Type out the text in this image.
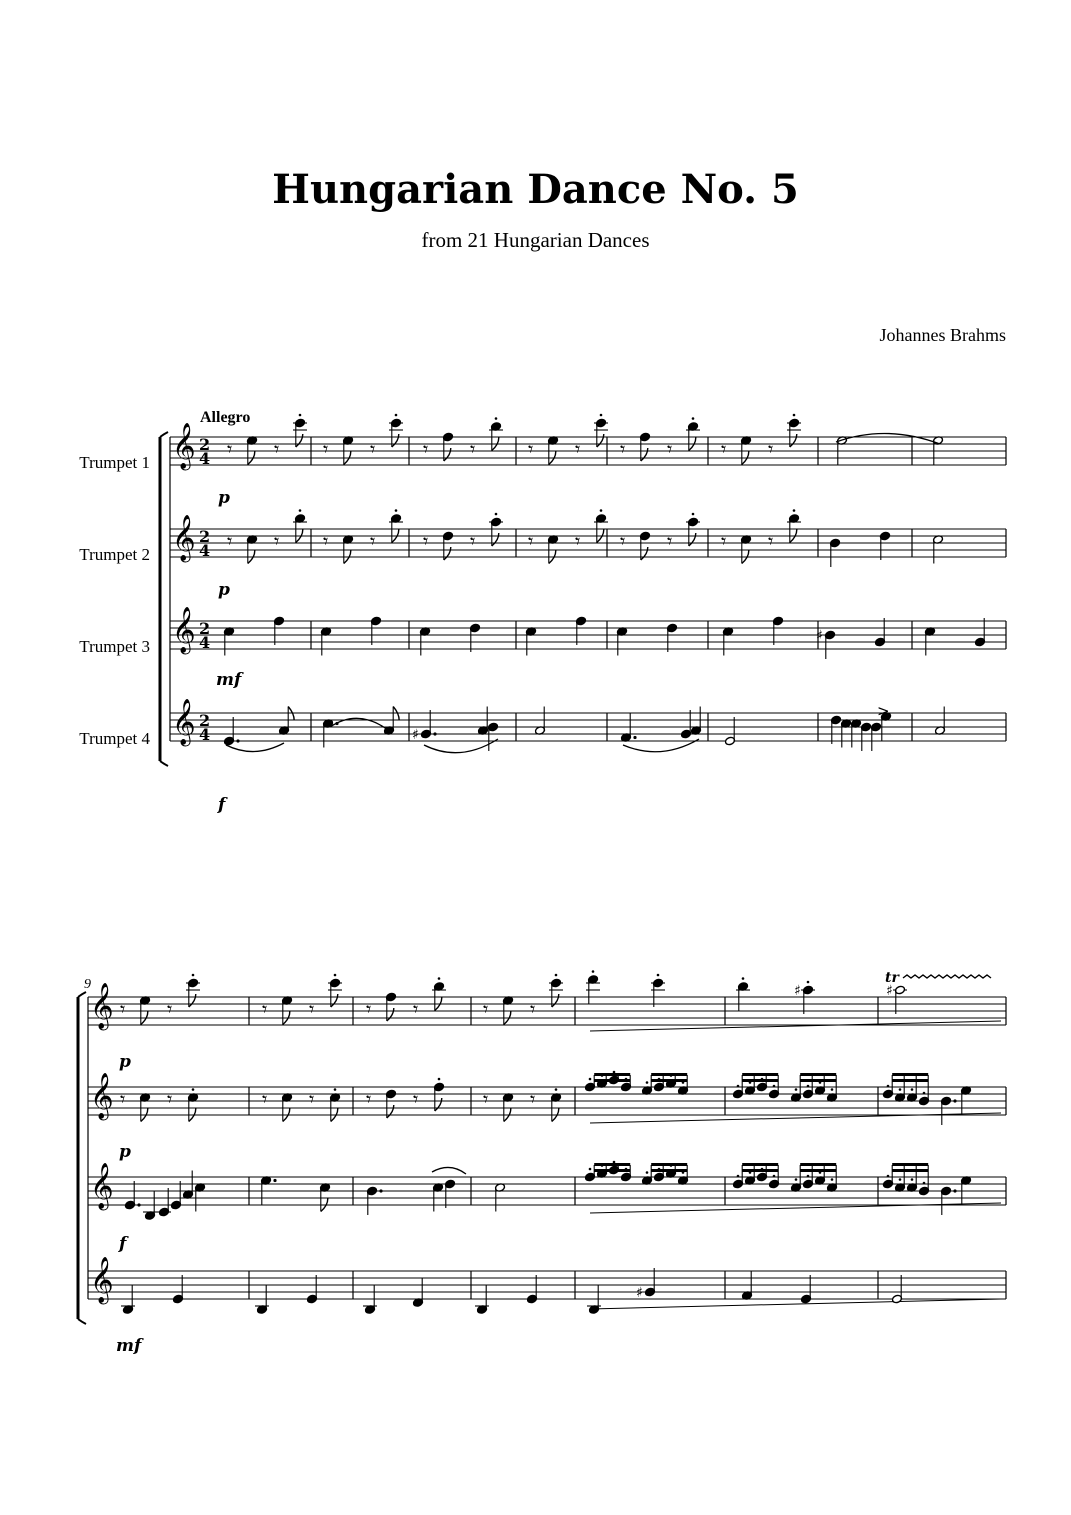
Hungarian Dance No. 5
from 21 Hungarian Dances
Johannes Brahms
Allegro
Trumpet 1
Trumpet 2
Trumpet 3
Trumpet 4
9
p
p
mf
f
p
p
f
mf
𝄞 2
4
𝄞 2
4
𝄞 2
4
𝄞 2
4
𝄾 𝄾
𝄾 𝄾
𝄾 𝄾
𝄾 𝄾
𝄾 𝄾
𝄾 𝄾
𝄾 𝄾
𝄾 𝄾
𝄾 𝄾
𝄾 𝄾
𝄾 𝄾
𝄾 𝄾
♯
♯
>
𝄞
𝄞
𝄞
𝄞
𝄾 𝄾
𝄾 𝄾
𝄾 𝄾
𝄾 𝄾
𝄾 𝄾
𝄾 𝄾
𝄾 𝄾
𝄾 𝄾
♯	♯
tr
♯
